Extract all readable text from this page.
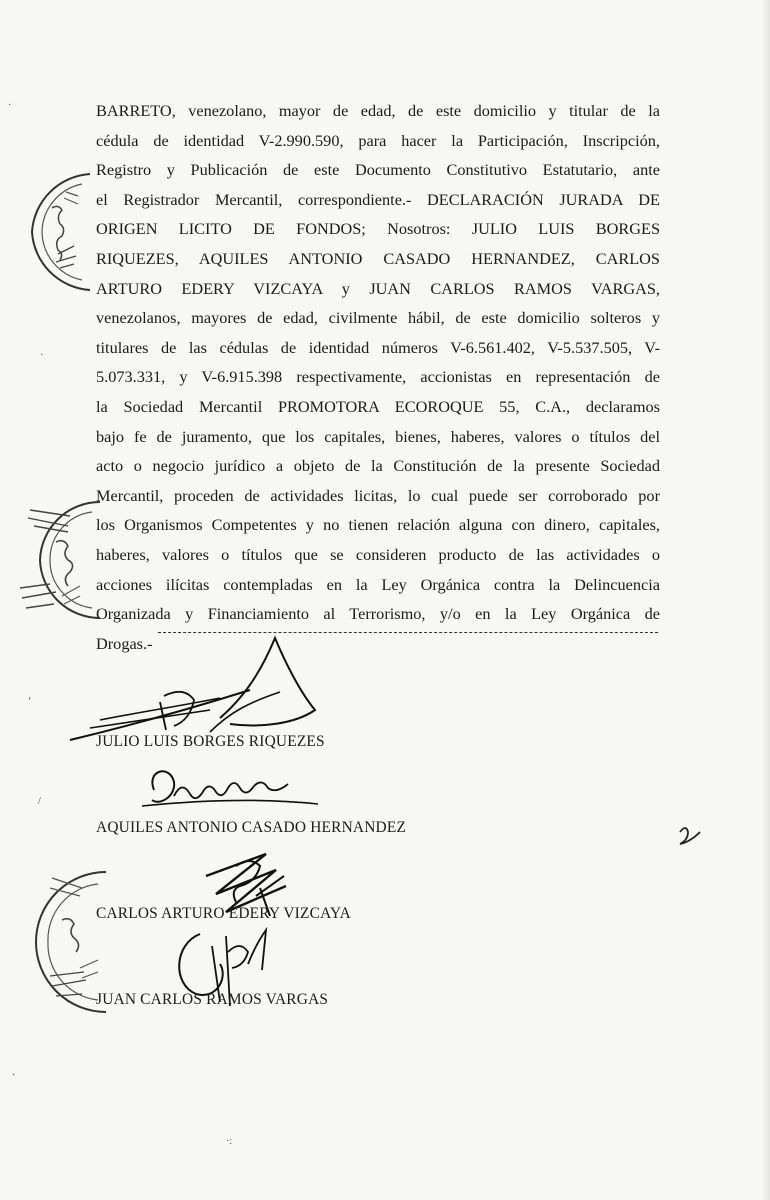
BARRETO, venezolano, mayor de edad, de este domicilio y titular de la
cédula de identidad V-2.990.590, para hacer la Participación, Inscripción,
Registro y Publicación de este Documento Constitutivo Estatutario, ante
el Registrador Mercantil, correspondiente.- DECLARACIÓN JURADA DE
ORIGEN LICITO DE FONDOS; Nosotros: JULIO LUIS BORGES
RIQUEZES, AQUILES ANTONIO CASADO HERNANDEZ, CARLOS
ARTURO EDERY VIZCAYA y JUAN CARLOS RAMOS VARGAS,
venezolanos, mayores de edad, civilmente hábil, de este domicilio solteros y
titulares de las cédulas de identidad números V-6.561.402, V-5.537.505, V-
5.073.331, y V-6.915.398 respectivamente, accionistas en representación de
la Sociedad Mercantil PROMOTORA ECOROQUE 55, C.A., declaramos
bajo fe de juramento, que los capitales, bienes, haberes, valores o títulos del
acto o negocio jurídico a objeto de la Constitución de la presente Sociedad
Mercantil, proceden de actividades licitas, lo cual puede ser corroborado por
los Organismos Competentes y no tienen relación alguna con dinero, capitales,
haberes, valores o títulos que se consideren producto de las actividades o
acciones ilícitas contempladas en la Ley Orgánica contra la Delincuencia
Organizada y Financiamiento al Terrorismo, y/o en la Ley Orgánica de
Drogas.-
JULIO LUIS BORGES RIQUEZES
AQUILES ANTONIO CASADO HERNANDEZ
CARLOS ARTURO EDERY VIZCAYA
JUAN CARLOS RAMOS VARGAS
·
·
‘
/
·
·:
